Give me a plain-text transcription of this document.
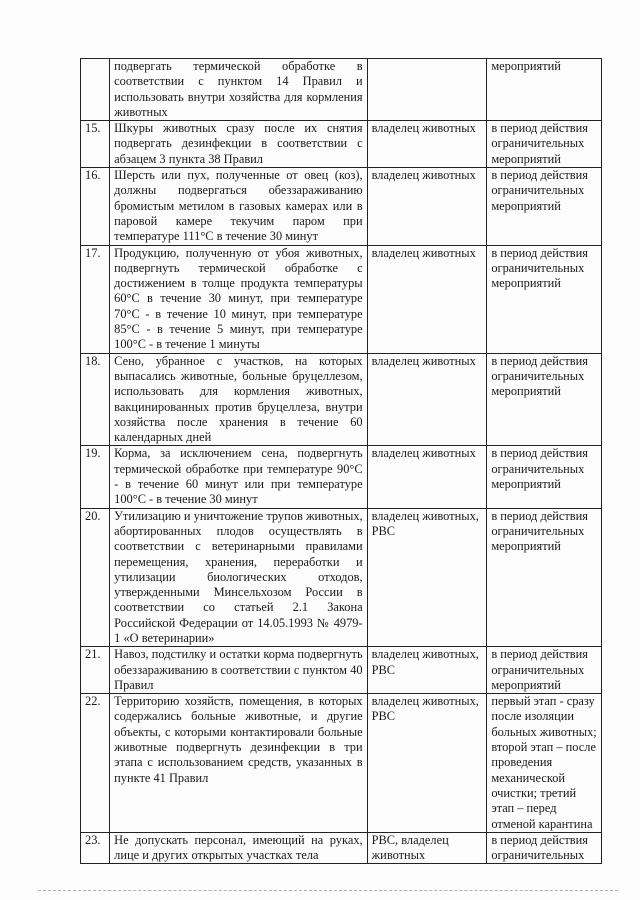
	подвергать термической обработке в соответствии с пунктом 14 Правил и использовать внутри хозяйства для кормления животных		мероприятий
15.	Шкуры животных сразу после их снятия подвергать дезинфекции в соответствии с абзацем 3 пункта 38 Правил	владелец животных	в период действия ограничительных мероприятий
16.	Шерсть или пух, полученные от овец (коз), должны подвергаться обеззараживанию бромистым метилом в газовых камерах или в паровой камере текучим паром при температуре 111°С в течение 30 минут	владелец животных	в период действия ограничительных мероприятий
17.	Продукцию, полученную от убоя животных, подвергнуть термической обработке с достижением в толще продукта температуры 60°С в течение 30 минут, при температуре 70°С - в течение 10 минут, при температуре 85°С - в течение 5 минут, при температуре 100°С - в течение 1 минуты	владелец животных	в период действия ограничительных мероприятий
18.	Сено, убранное с участков, на которых выпасались животные, больные бруцеллезом, использовать для кормления животных, вакцинированных против бруцеллеза, внутри хозяйства после хранения в течение 60 календарных дней	владелец животных	в период действия ограничительных мероприятий
19.	Корма, за исключением сена, подвергнуть термической обработке при температуре 90°С - в течение 60 минут или при температуре 100°С - в течение 30 минут	владелец животных	в период действия ограничительных мероприятий
20.	Утилизацию и уничтожение трупов животных, абортированных плодов осуществлять в соответствии с ветеринарными правилами перемещения, хранения, переработки и утилизации биологических отходов, утвержденными Минсельхозом России в соответствии со статьей 2.1 Закона Российской Федерации от 14.05.1993 № 4979-1 «О ветеринарии»	владелец животных, РВС	в период действия ограничительных мероприятий
21.	Навоз, подстилку и остатки корма подвергнуть обеззараживанию в соответствии с пунктом 40 Правил	владелец животных, РВС	в период действия ограничительных мероприятий
22.	Территорию хозяйств, помещения, в которых содержались больные животные, и другие объекты, с которыми контактировали больные животные подвергнуть дезинфекции в три этапа с использованием средств, указанных в пункте 41 Правил	владелец животных, РВС	первый этап - сразу после изоляции больных животных; второй этап – после проведения механической очистки; третий этап – перед отменой карантина
23.	Не допускать персонал, имеющий на руках, лице и других открытых участках тела	РВС, владелец животных	в период действия ограничительных
